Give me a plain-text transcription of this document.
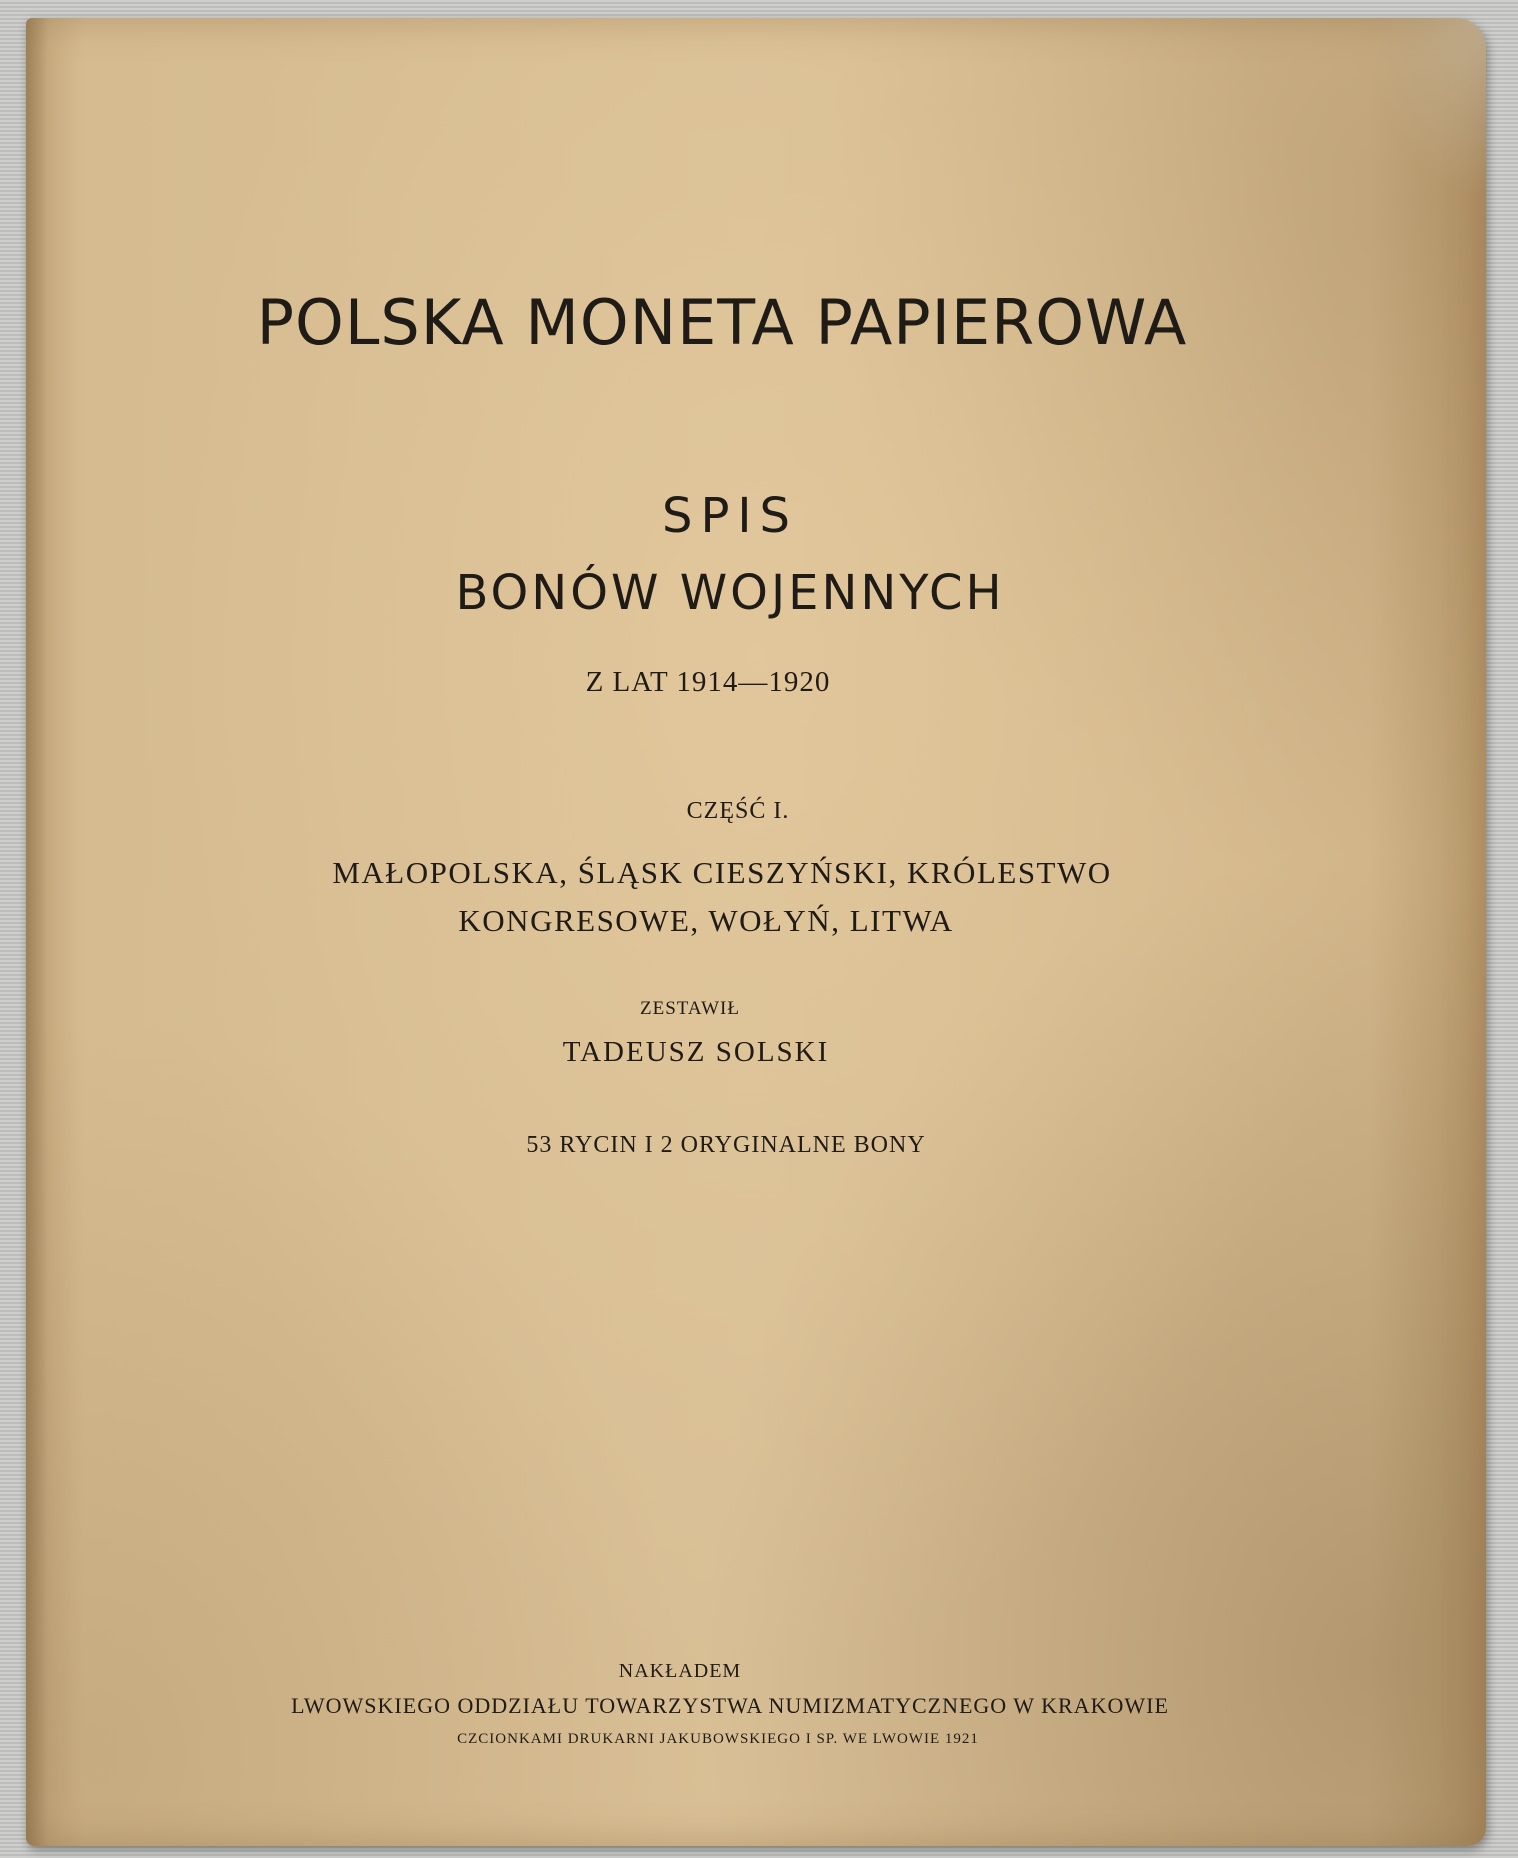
POLSKA MONETA PAPIEROWA

SPIS

BONÓW WOJENNYCH

Z LAT 1914—1920

CZĘŚĆ I.

MAŁOPOLSKA, ŚLĄSK CIESZYŃSKI, KRÓLESTWO

KONGRESOWE, WOŁYŃ, LITWA

ZESTAWIŁ

TADEUSZ SOLSKI

53 RYCIN I 2 ORYGINALNE BONY

NAKŁADEM

LWOWSKIEGO ODDZIAŁU TOWARZYSTWA NUMIZMATYCZNEGO W KRAKOWIE

CZCIONKAMI DRUKARNI JAKUBOWSKIEGO I SP. WE LWOWIE 1921
